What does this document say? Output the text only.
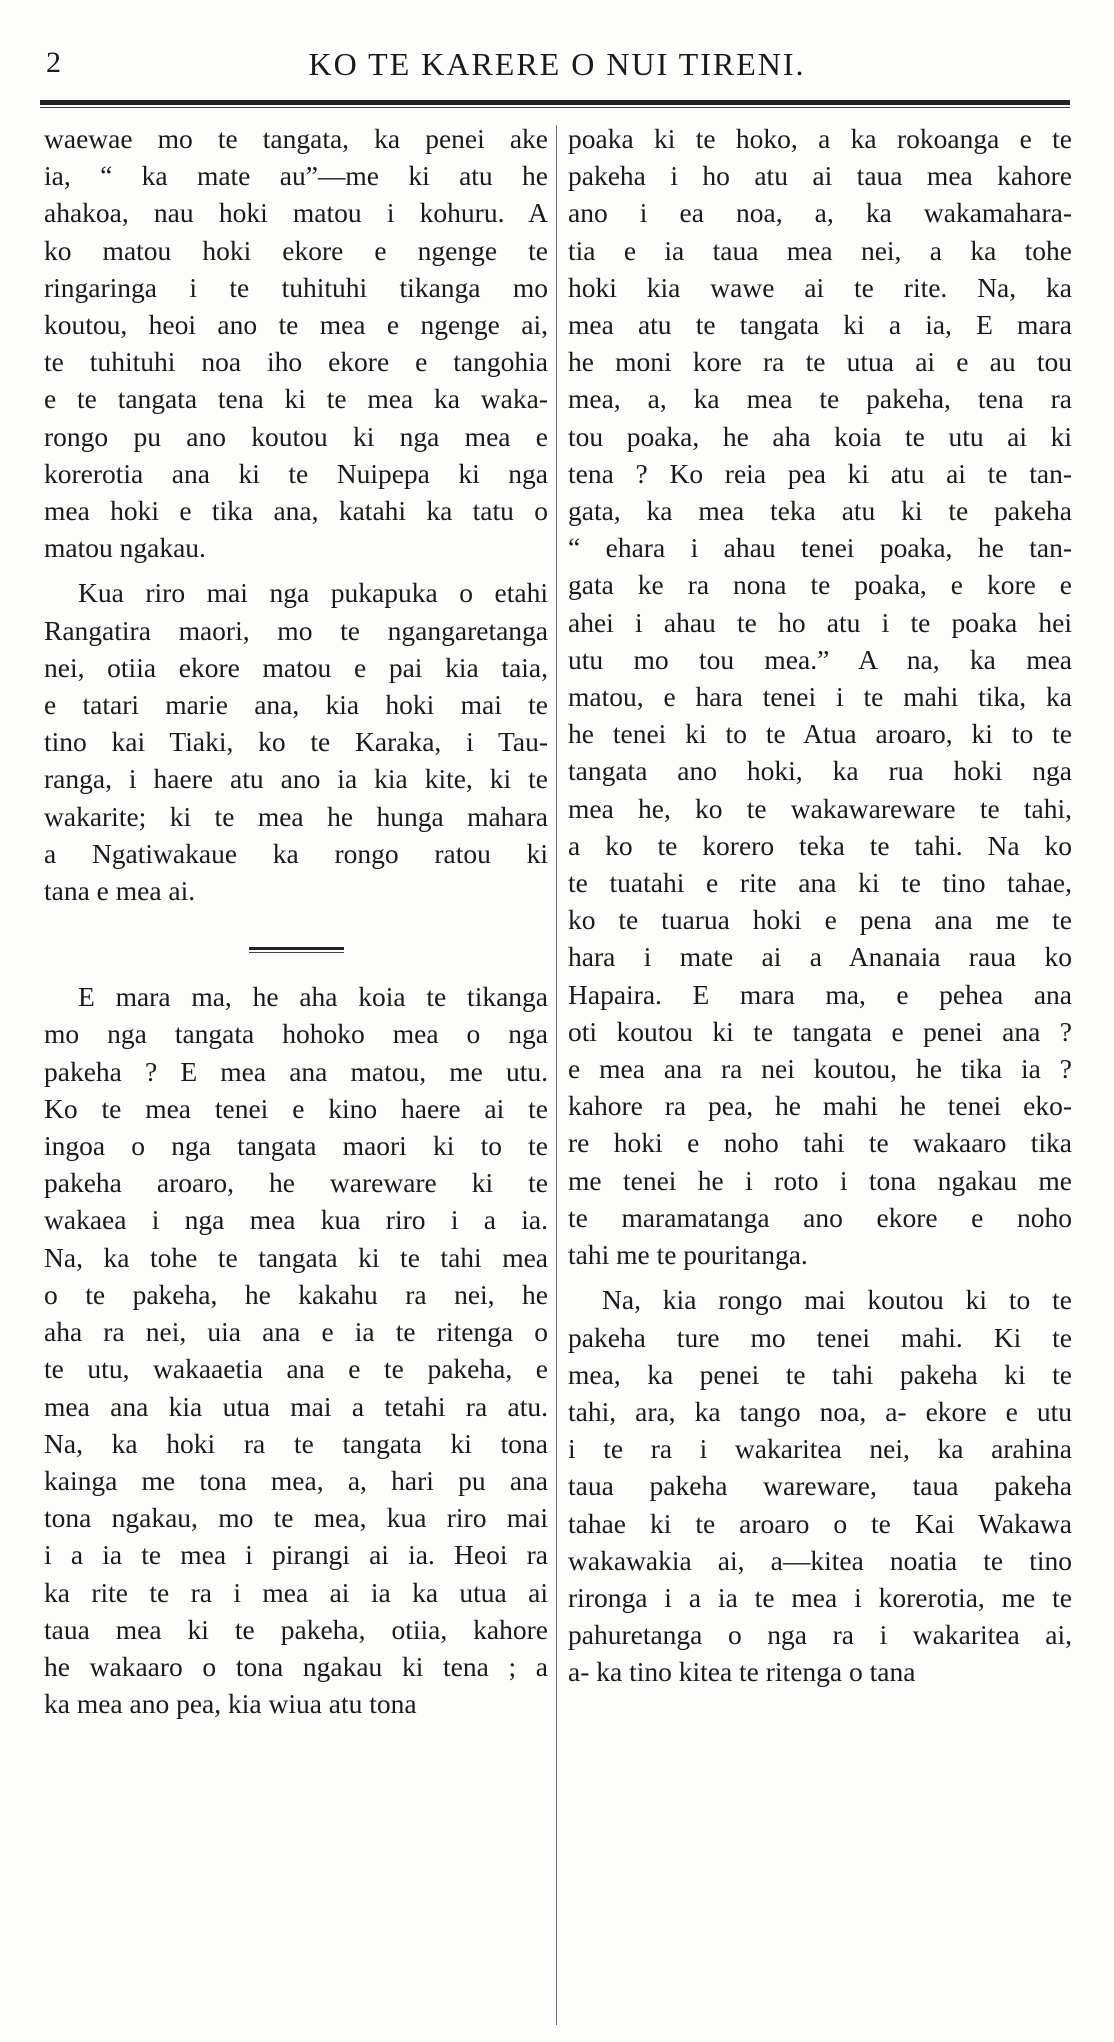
2	KO TE KARERE O NUI TIRENI.
waewae mo te tangata, ka penei ake
ia, “ ka mate au”—me ki atu he
ahakoa, nau hoki matou i kohuru. A
ko matou hoki ekore e ngenge te
ringaringa i te tuhituhi tikanga mo
koutou, heoi ano te mea e ngenge ai,
te tuhituhi noa iho ekore e tangohia
e te tangata tena ki te mea ka waka-
rongo pu ano koutou ki nga mea e
korerotia ana ki te Nuipepa ki nga
mea hoki e tika ana, katahi ka tatu o
matou ngakau.
Kua riro mai nga pukapuka o etahi
Rangatira maori, mo te ngangaretanga
nei, otiia ekore matou e pai kia taia,
e tatari marie ana, kia hoki mai te
tino kai Tiaki, ko te Karaka, i Tau-
ranga, i haere atu ano ia kia kite, ki te
wakarite; ki te mea he hunga mahara
a Ngatiwakaue ka rongo ratou ki
tana e mea ai.
E mara ma, he aha koia te tikanga
mo nga tangata hohoko mea o nga
pakeha ? E mea ana matou, me utu.
Ko te mea tenei e kino haere ai te
ingoa o nga tangata maori ki to te
pakeha aroaro, he wareware ki te
wakaea i nga mea kua riro i a ia.
Na, ka tohe te tangata ki te tahi mea
o te pakeha, he kakahu ra nei, he
aha ra nei, uia ana e ia te ritenga o
te utu, wakaaetia ana e te pakeha, e
mea ana kia utua mai a tetahi ra atu.
Na, ka hoki ra te tangata ki tona
kainga me tona mea, a, hari pu ana
tona ngakau, mo te mea, kua riro mai
i a ia te mea i pirangi ai ia. Heoi ra
ka rite te ra i mea ai ia ka utua ai
taua mea ki te pakeha, otiia, kahore
he wakaaro o tona ngakau ki tena ; a
ka mea ano pea, kia wiua atu tona
poaka ki te hoko, a ka rokoanga e te
pakeha i ho atu ai taua mea kahore
ano i ea noa, a, ka wakamahara-
tia e ia taua mea nei, a ka tohe
hoki kia wawe ai te rite. Na, ka
mea atu te tangata ki a ia, E mara
he moni kore ra te utua ai e au tou
mea, a, ka mea te pakeha, tena ra
tou poaka, he aha koia te utu ai ki
tena ? Ko reia pea ki atu ai te tan-
gata, ka mea teka atu ki te pakeha
“ ehara i ahau tenei poaka, he tan-
gata ke ra nona te poaka, e kore e
ahei i ahau te ho atu i te poaka hei
utu mo tou mea.” A na, ka mea
matou, e hara tenei i te mahi tika, ka
he tenei ki to te Atua aroaro, ki to te
tangata ano hoki, ka rua hoki nga
mea he, ko te wakawareware te tahi,
a ko te korero teka te tahi. Na ko
te tuatahi e rite ana ki te tino tahae,
ko te tuarua hoki e pena ana me te
hara i mate ai a Ananaia raua ko
Hapaira. E mara ma, e pehea ana
oti koutou ki te tangata e penei ana ?
e mea ana ra nei koutou, he tika ia ?
kahore ra pea, he mahi he tenei eko-
re hoki e noho tahi te wakaaro tika
me tenei he i roto i tona ngakau me
te maramatanga ano ekore e noho
tahi me te pouritanga.
Na, kia rongo mai koutou ki to te
pakeha ture mo tenei mahi. Ki te
mea, ka penei te tahi pakeha ki te
tahi, ara, ka tango noa, a- ekore e utu
i te ra i wakaritea nei, ka arahina
taua pakeha wareware, taua pakeha
tahae ki te aroaro o te Kai Wakawa
wakawakia ai, a—kitea noatia te tino
rironga i a ia te mea i korerotia, me te
pahuretanga o nga ra i wakaritea ai,
a- ka tino kitea te ritenga o tana
